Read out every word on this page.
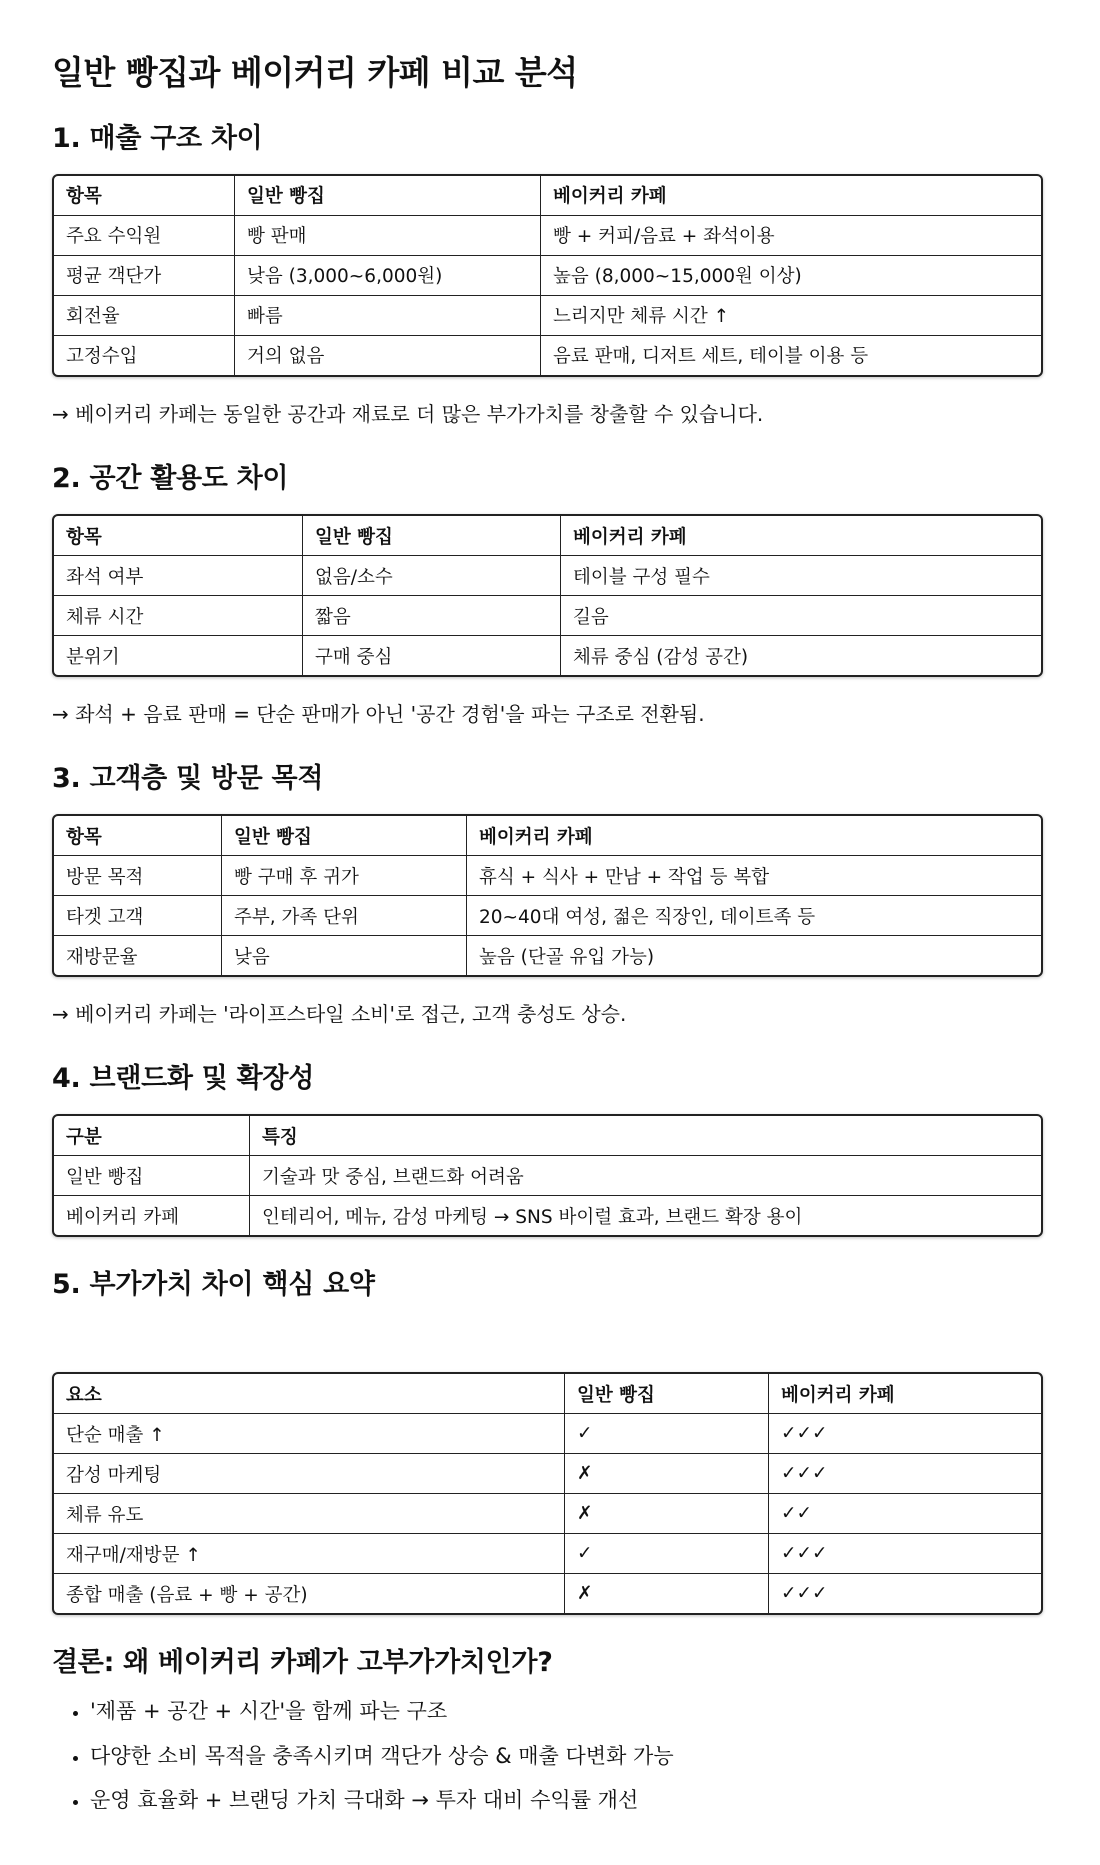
일반 빵집과 베이커리 카페 비교 분석
1. 매출 구조 차이
항목	일반 빵집	베이커리 카페
주요 수익원	빵 판매	빵 + 커피/음료 + 좌석이용
평균 객단가	낮음 (3,000~6,000원)	높음 (8,000~15,000원 이상)
회전율	빠름	느리지만 체류 시간 ↑
고정수입	거의 없음	음료 판매, 디저트 세트, 테이블 이용 등

→ 베이커리 카페는 동일한 공간과 재료로 더 많은 부가가치를 창출할 수 있습니다.

2. 공간 활용도 차이
항목	일반 빵집	베이커리 카페
좌석 여부	없음/소수	테이블 구성 필수
체류 시간	짧음	길음
분위기	구매 중심	체류 중심 (감성 공간)

→ 좌석 + 음료 판매 = 단순 판매가 아닌 '공간 경험'을 파는 구조로 전환됨.

3. 고객층 및 방문 목적
항목	일반 빵집	베이커리 카페
방문 목적	빵 구매 후 귀가	휴식 + 식사 + 만남 + 작업 등 복합
타겟 고객	주부, 가족 단위	20~40대 여성, 젊은 직장인, 데이트족 등
재방문율	낮음	높음 (단골 유입 가능)

→ 베이커리 카페는 '라이프스타일 소비'로 접근, 고객 충성도 상승.

4. 브랜드화 및 확장성
구분	특징
일반 빵집	기술과 맛 중심, 브랜드화 어려움
베이커리 카페	인테리어, 메뉴, 감성 마케팅 → SNS 바이럴 효과, 브랜드 확장 용이
5. 부가가치 차이 핵심 요약
요소	일반 빵집	베이커리 카페
단순 매출 ↑	✓	✓✓✓
감성 마케팅	✗	✓✓✓
체류 유도	✗	✓✓
재구매/재방문 ↑	✓	✓✓✓
종합 매출 (음료 + 빵 + 공간)	✗	✓✓✓
결론: 왜 베이커리 카페가 고부가가치인가?
• '제품 + 공간 + 시간'을 함께 파는 구조
• 다양한 소비 목적을 충족시키며 객단가 상승 & 매출 다변화 가능
• 운영 효율화 + 브랜딩 가치 극대화 → 투자 대비 수익률 개선
